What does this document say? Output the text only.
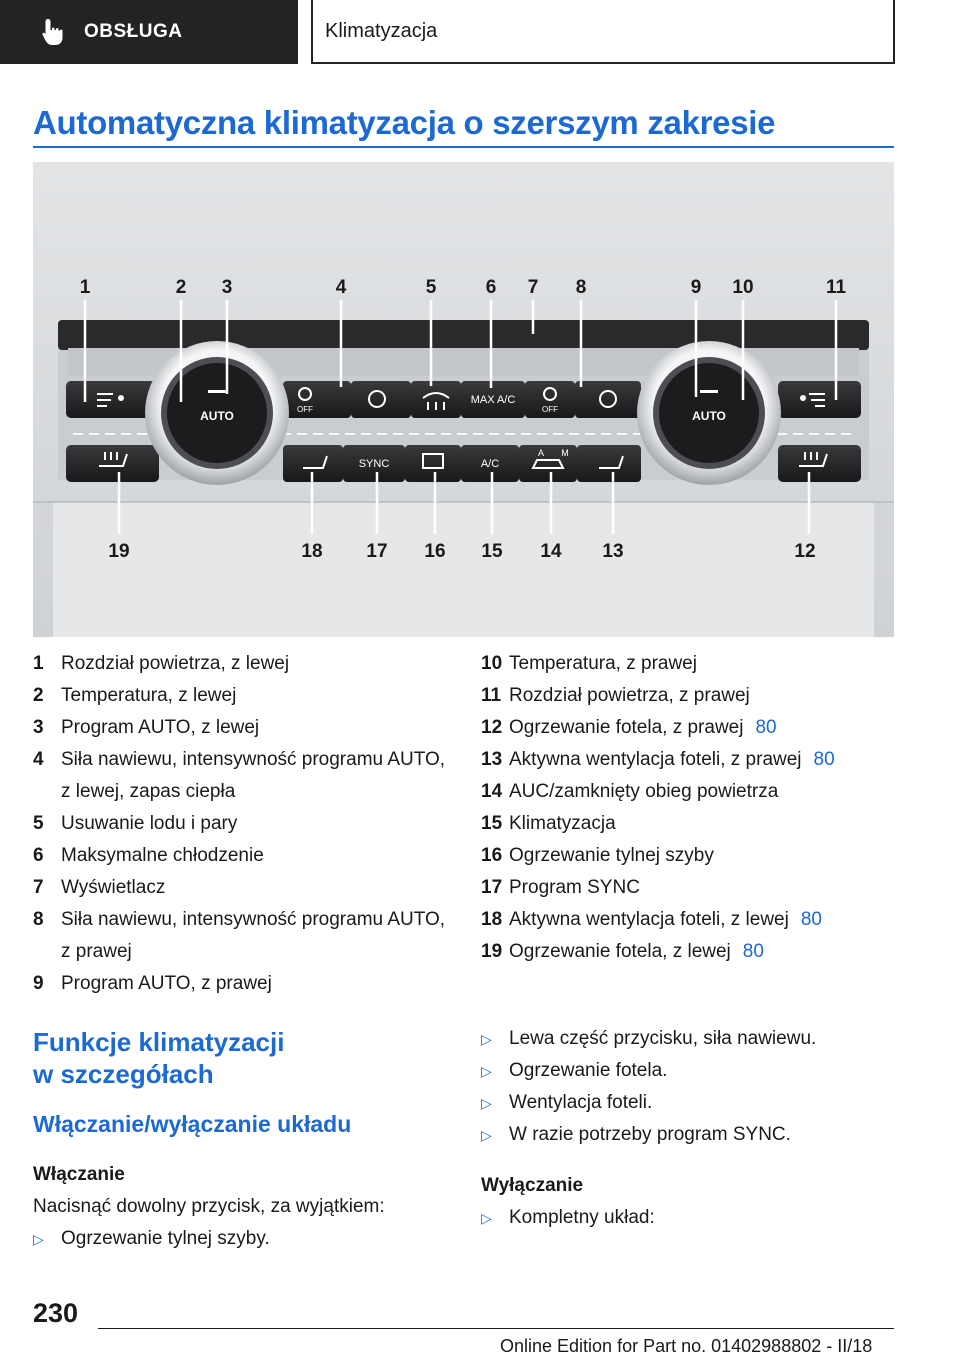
OBSŁUGA	Klimatyzacja
Automatyczna klimatyzacja o szerszym zakresie
AUTO	AUTO
OFF	OFF
MAX A/C
SYNC	A/C
A M
1	2 3	4	5	6 7 8	9 10	11
12
13
14
15
16
17
18
19
1 Rozdział powietrza, z lewej
2 Temperatura, z lewej
3 Program AUTO, z lewej
4 Siła nawiewu, intensywność programu AUTO, z lewej, zapas ciepła
5 Usuwanie lodu i pary
6 Maksymalne chłodzenie
7 Wyświetlacz
8 Siła nawiewu, intensywność programu AUTO, z prawej
9 Program AUTO, z prawej
10 Temperatura, z prawej
11 Rozdział powietrza, z prawej
12 Ogrzewanie fotela, z prawej 80
13 Aktywna wentylacja foteli, z prawej 80
14 AUC/zamknięty obieg powietrza
15 Klimatyzacja
16 Ogrzewanie tylnej szyby
17 Program SYNC
18 Aktywna wentylacja foteli, z lewej 80
19 Ogrzewanie fotela, z lewej 80
Funkcje klimatyzacji
w szczegółach
Włączanie/wyłączanie układu
Włączanie
Nacisnąć dowolny przycisk, za wyjątkiem:
▷ Ogrzewanie tylnej szyby.
▷ Lewa część przycisku, siła nawiewu.
▷ Ogrzewanie fotela.
▷ Wentylacja foteli.
▷ W razie potrzeby program SYNC.
Wyłączanie
▷ Kompletny układ:
230
Online Edition for Part no. 01402988802 - II/18
